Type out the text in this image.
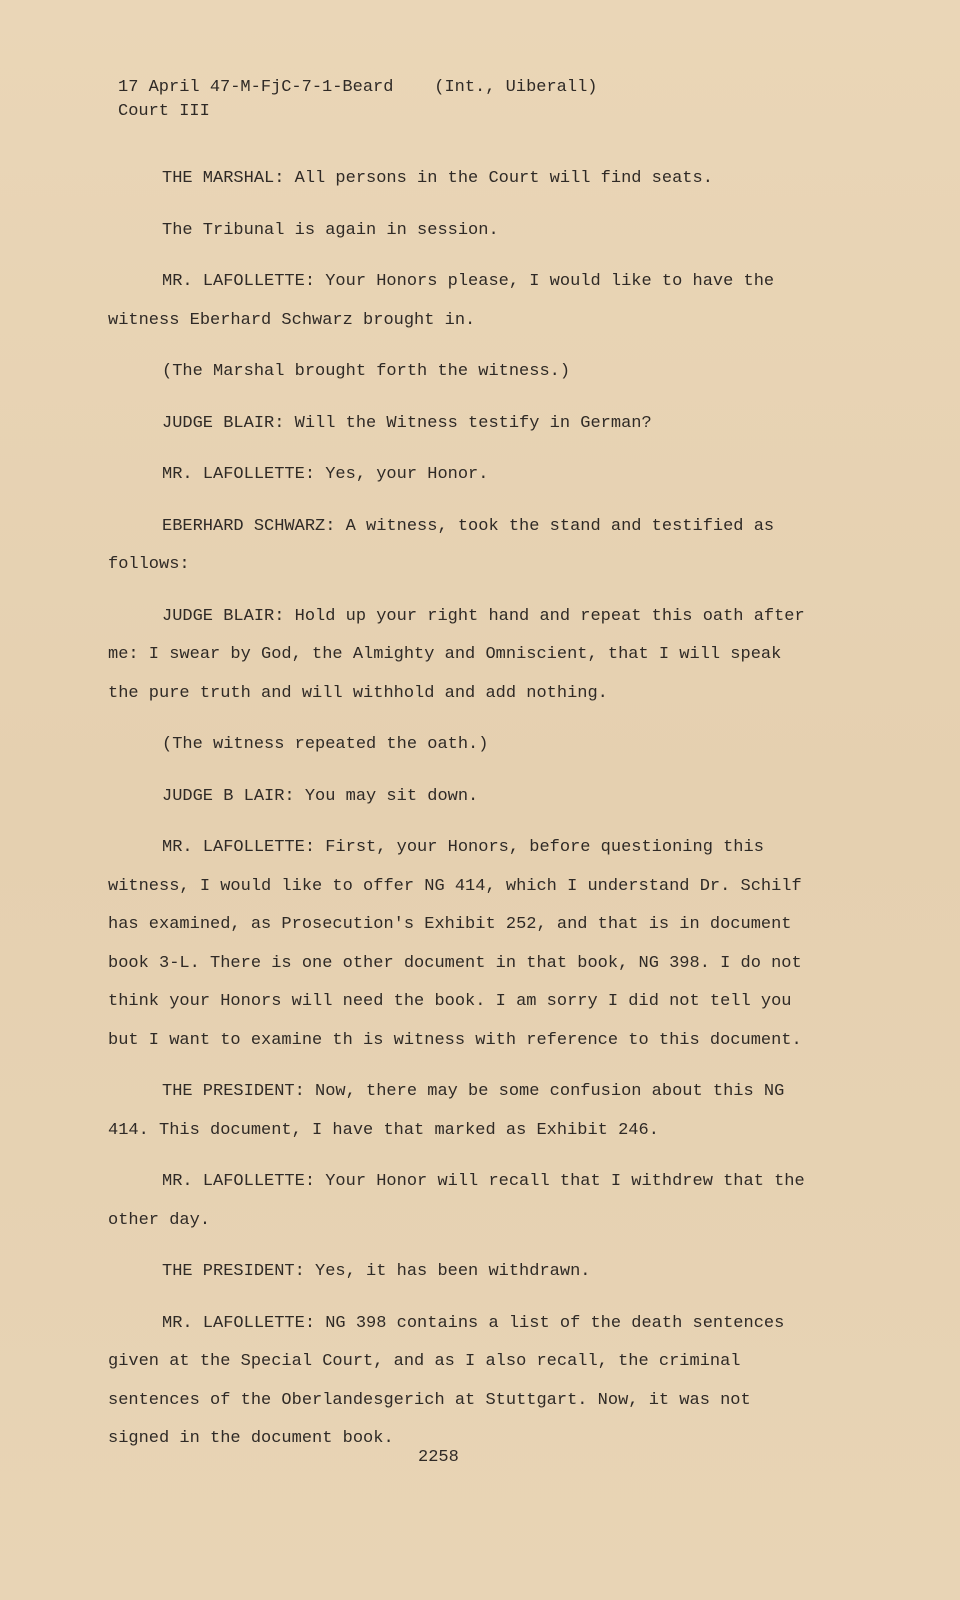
17 April 47-M-FjC-7-1-Beard    (Int., Uiberall)
Court III

THE MARSHAL: All persons in the Court will find seats.

The Tribunal is again in session.

MR. LAFOLLETTE: Your Honors please, I would like to have the witness Eberhard Schwarz brought in.

(The Marshal brought forth the witness.)

JUDGE BLAIR: Will the Witness testify in German?

MR. LAFOLLETTE: Yes, your Honor.

EBERHARD SCHWARZ: A witness, took the stand and testified as follows:

JUDGE BLAIR: Hold up your right hand and repeat this oath after me: I swear by God, the Almighty and Omniscient, that I will speak the pure truth and will withhold and add nothing.

(The witness repeated the oath.)

JUDGE B LAIR: You may sit down.

MR. LAFOLLETTE: First, your Honors, before questioning this witness, I would like to offer NG 414, which I understand Dr. Schilf has examined, as Prosecution's Exhibit 252, and that is in document book 3-L. There is one other document in that book, NG 398. I do not think your Honors will need the book. I am sorry I did not tell you but I want to examine th is witness with reference to this document.

THE PRESIDENT: Now, there may be some confusion about this NG 414. This document, I have that marked as Exhibit 246.

MR. LAFOLLETTE: Your Honor will recall that I withdrew that the other day.

THE PRESIDENT: Yes, it has been withdrawn.

MR. LAFOLLETTE: NG 398 contains a list of the death sentences given at the Special Court, and as I also recall, the criminal sentences of the Oberlandesgerich at Stuttgart. Now, it was not signed in the document book.

2258
